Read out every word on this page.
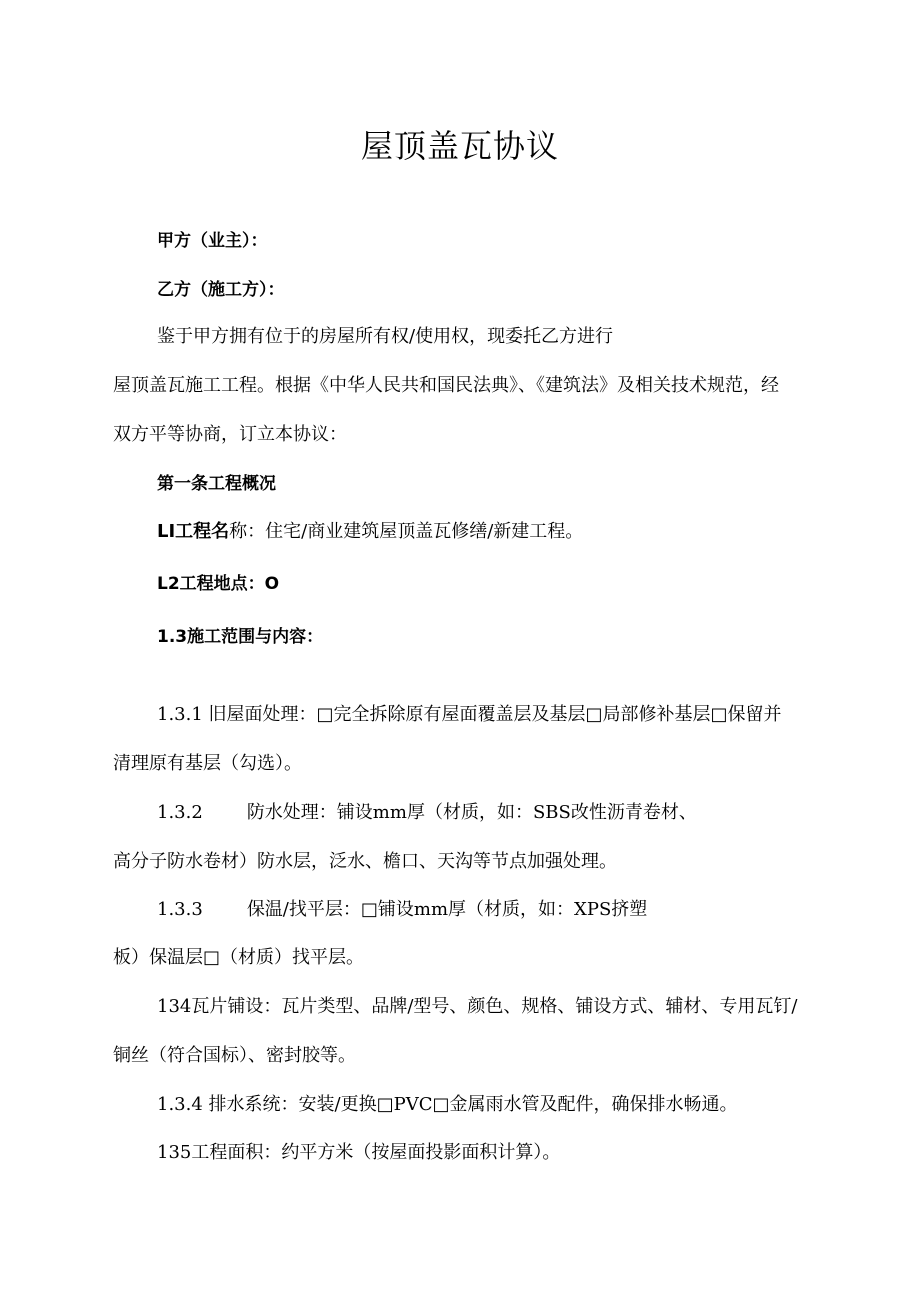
屋顶盖瓦协议
甲方（业主）：
乙方（施工方）：
鉴于甲方拥有位于的房屋所有权/使用权，现委托乙方进行
屋顶盖瓦施工工程。根据《中华人民共和国民法典》、《建筑法》及相关技术规范，经
双方平等协商，订立本协议：
第一条工程概况
LI工程名称：住宅/商业建筑屋顶盖瓦修缮/新建工程。
L2工程地点：O
1.3施工范围与内容：
1.3.1 旧屋面处理：□完全拆除原有屋面覆盖层及基层□局部修补基层□保留并
清理原有基层（勾选）。
1.3.2 防水处理：铺设mm厚（材质，如：SBS改性沥青卷材、
高分子防水卷材）防水层，泛水、檐口、天沟等节点加强处理。
1.3.3 保温/找平层：□铺设mm厚（材质，如：XPS挤塑
板）保温层□（材质）找平层。
134瓦片铺设：瓦片类型、品牌/型号、颜色、规格、铺设方式、辅材、专用瓦钉/
铜丝（符合国标）、密封胶等。
1.3.4 排水系统：安装/更换□PVC□金属雨水管及配件，确保排水畅通。
135工程面积：约平方米（按屋面投影面积计算）。
